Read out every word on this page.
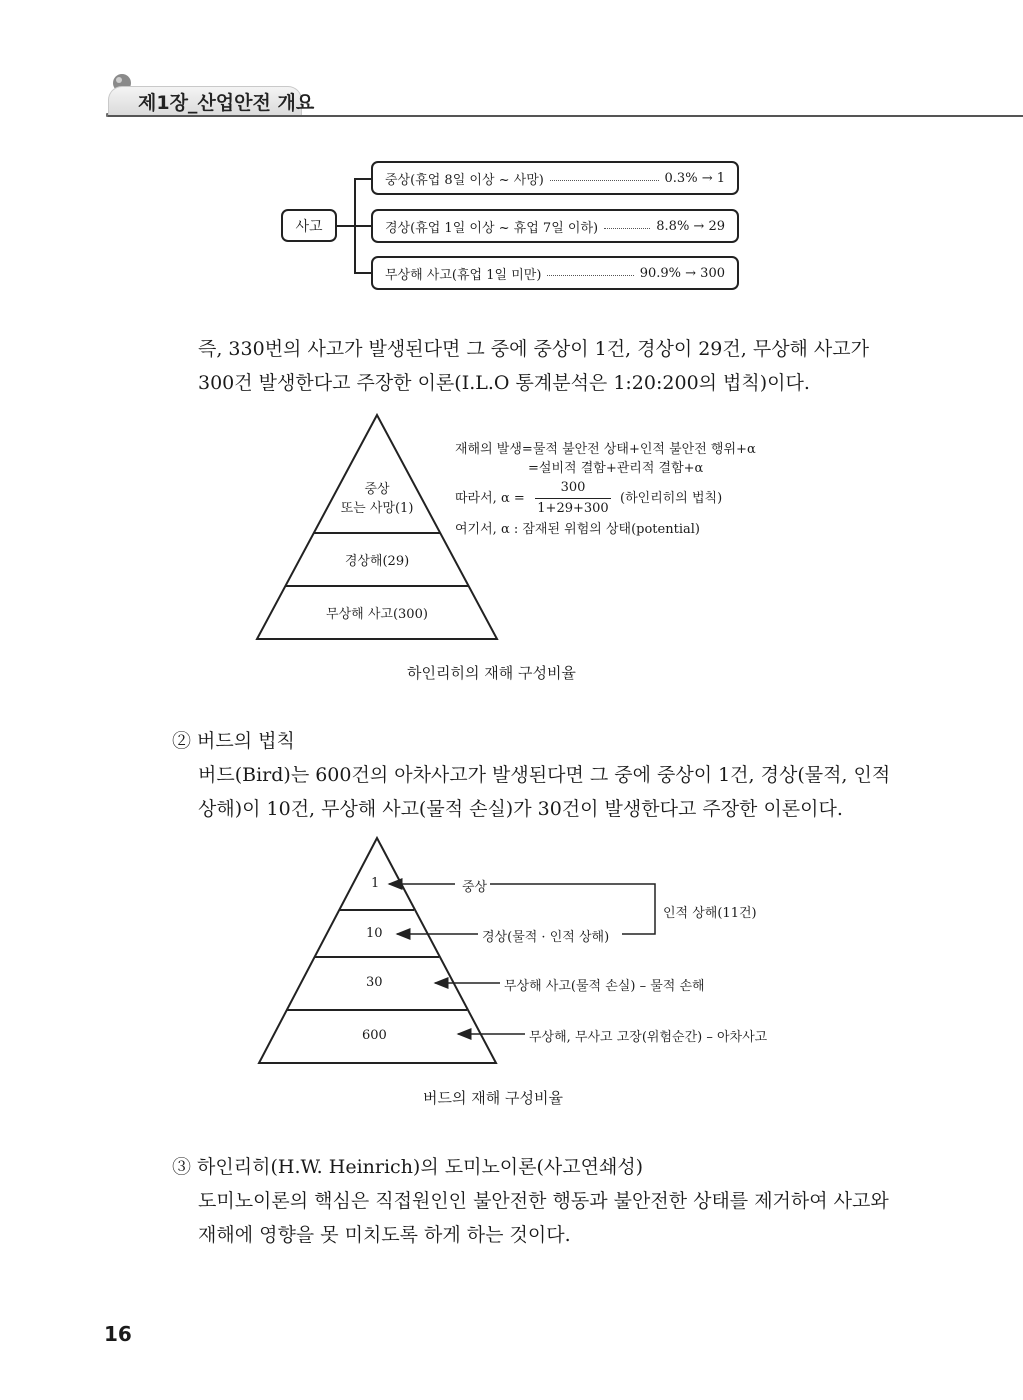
제1장_산업안전 개요
사고
중상(휴업 8일 이상 ~ 사망)	0.3% → 1
경상(휴업 1일 이상 ~ 휴업 7일 이하)	8.8% → 29
무상해 사고(휴업 1일 미만)	90.9% → 300
즉, 330번의 사고가 발생된다면 그 중에 중상이 1건, 경상이 29건, 무상해 사고가
300건 발생한다고 주장한 이론(I.L.O 통계분석은 1:20:200의 법칙)이다.
중상
또는 사망(1)
경상해(29)
무상해 사고(300)
재해의 발생=물적 불안전 상태+인적 불안전 행위+α
=설비적 결함+관리적 결함+α
따라서, α =
300
1+29+300
(하인리히의 법칙)
여기서, α : 잠재된 위험의 상태(potential)
하인리히의 재해 구성비율
② 버드의 법칙
버드(Bird)는 600건의 아차사고가 발생된다면 그 중에 중상이 1건, 경상(물적, 인적
상해)이 10건, 무상해 사고(물적 손실)가 30건이 발생한다고 주장한 이론이다.
1
10
30
600
중상
경상(물적 · 인적 상해)
무상해 사고(물적 손실) – 물적 손해
무상해, 무사고 고장(위험순간) – 아차사고
인적 상해(11건)
버드의 재해 구성비율
③ 하인리히(H.W. Heinrich)의 도미노이론(사고연쇄성)
도미노이론의 핵심은 직접원인인 불안전한 행동과 불안전한 상태를 제거하여 사고와
재해에 영향을 못 미치도록 하게 하는 것이다.
16
